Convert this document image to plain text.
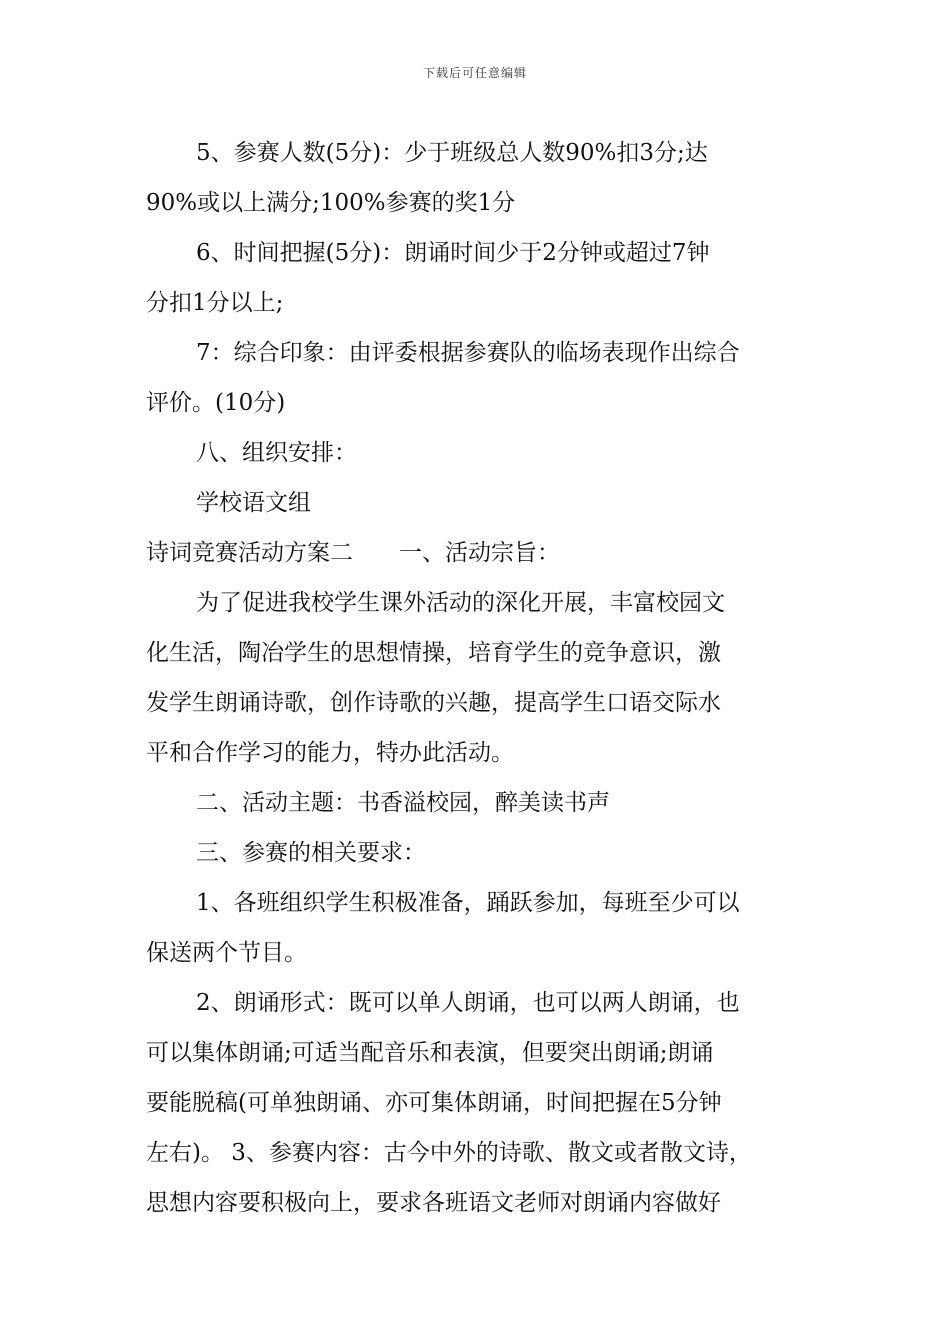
下载后可任意编辑
5、参赛人数(5分)：少于班级总人数90%扣3分;达
90%或以上满分;100%参赛的奖1分
6、时间把握(5分)：朗诵时间少于2分钟或超过7钟
分扣1分以上;
7：综合印象：由评委根据参赛队的临场表现作出综合
评价。(10分)
八、组织安排：
学校语文组
诗词竞赛活动方案二　　一、活动宗旨：
为了促进我校学生课外活动的深化开展，丰富校园文
化生活，陶冶学生的思想情操，培育学生的竞争意识，激
发学生朗诵诗歌，创作诗歌的兴趣，提高学生口语交际水
平和合作学习的能力，特办此活动。
二、活动主题：书香溢校园，醉美读书声
三、参赛的相关要求：
1、各班组织学生积极准备，踊跃参加，每班至少可以
保送两个节目。
2、朗诵形式：既可以单人朗诵，也可以两人朗诵，也
可以集体朗诵;可适当配音乐和表演，但要突出朗诵;朗诵
要能脱稿(可单独朗诵、亦可集体朗诵，时间把握在5分钟
左右)。 3、参赛内容：古今中外的诗歌、散文或者散文诗，
思想内容要积极向上，要求各班语文老师对朗诵内容做好
